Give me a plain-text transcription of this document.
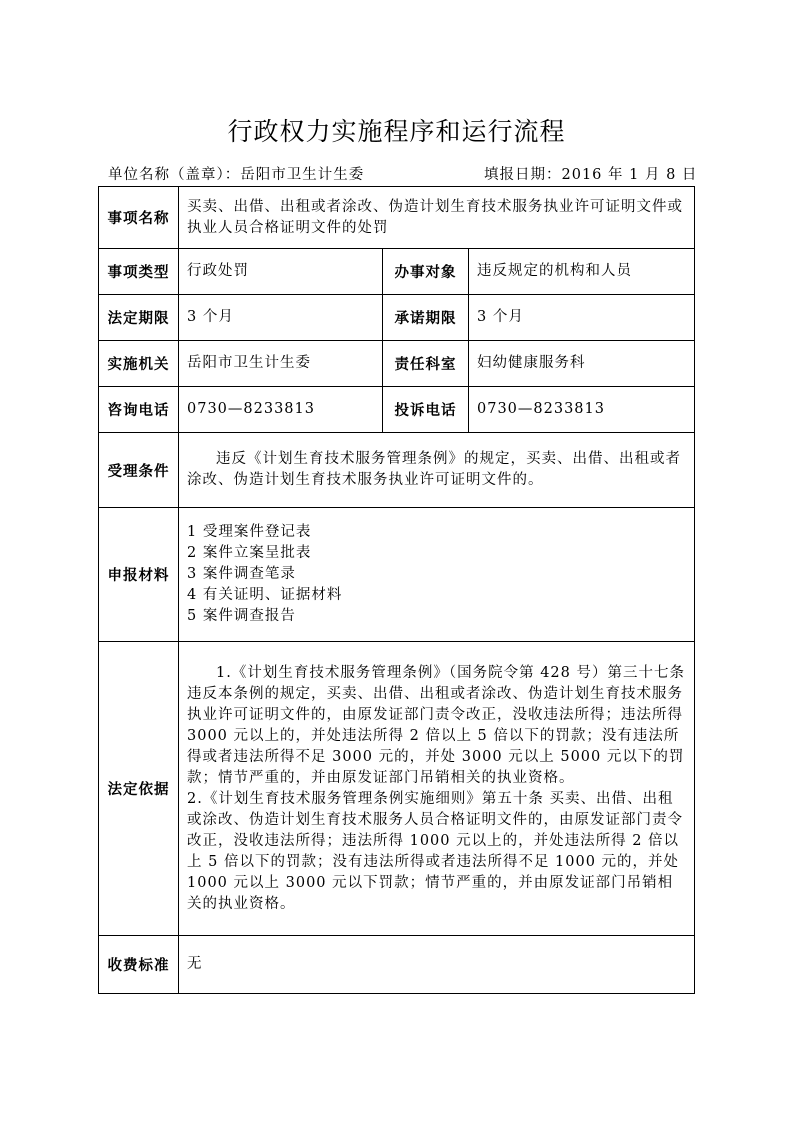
行政权力实施程序和运行流程
单位名称（盖章）：岳阳市卫生计生委	填报日期：2016 年 1 月 8 日
事项名称	买卖、出借、出租或者涂改、伪造计划生育技术服务执业许可证明文件或执业人员合格证明文件的处罚		
事项类型	行政处罚	办事对象	违反规定的机构和人员
法定期限	3 个月	承诺期限	3 个月
实施机关	岳阳市卫生计生委	责任科室	妇幼健康服务科
咨询电话	0730—8233813	投诉电话	0730—8233813
受理条件	违反《计划生育技术服务管理条例》的规定，买卖、出借、出租或者涂改、伪造计划生育技术服务执业许可证明文件的。		

申报材料	1 受理案件登记表
2 案件立案呈批表
3 案件调查笔录
4 有关证明、证据材料
5 案件调查报告		

法定依据	1.《计划生育技术服务管理条例》（国务院令第 428 号）第三十七条 违反本条例的规定，买卖、出借、出租或者涂改、伪造计划生育技术服务执业许可证明文件的，由原发证部门责令改正，没收违法所得；违法所得 3000 元以上的，并处违法所得 2 倍以上 5 倍以下的罚款；没有违法所得或者违法所得不足 3000 元的，并处 3000 元以上 5000 元以下的罚款；情节严重的，并由原发证部门吊销相关的执业资格。
2.《计划生育技术服务管理条例实施细则》第五十条 买卖、出借、出租或涂改、伪造计划生育技术服务人员合格证明文件的，由原发证部门责令改正，没收违法所得；违法所得 1000 元以上的，并处违法所得 2 倍以上 5 倍以下的罚款；没有违法所得或者违法所得不足 1000 元的，并处 1000 元以上 3000 元以下罚款；情节严重的，并由原发证部门吊销相关的执业资格。		

收费标准	无		
